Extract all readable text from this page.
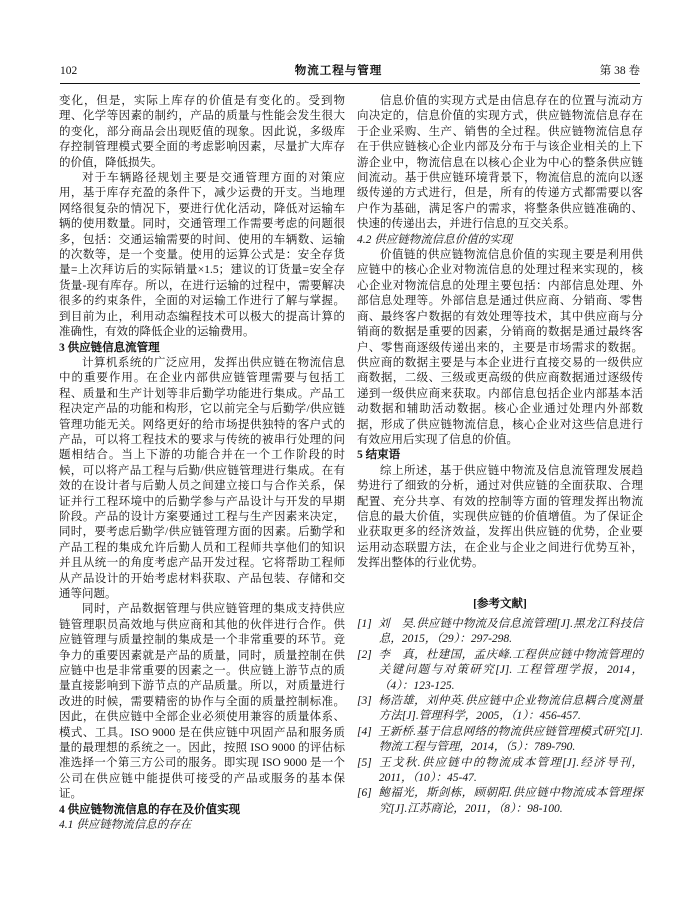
102	物流工程与管理	第 38 卷

变化，但是，实际上库存的价值是有变化的。受到物理、化学等因素的制约，产品的质量与性能会发生很大的变化，部分商品会出现贬值的现象。因此说，多级库存控制管理模式要全面的考虑影响因素，尽量扩大库存的价值，降低损失。

对于车辆路径规划主要是交通管理方面的对策应用，基于库存充盈的条件下，减少运费的开支。当地理网络很复杂的情况下，要进行优化活动，降低对运输车辆的使用数量。同时，交通管理工作需要考虑的问题很多，包括：交通运输需要的时间、使用的车辆数、运输的次数等，是一个变量。使用的运算公式是：安全存货量=上次拜访后的实际销量×1.5；建议的订货量=安全存货量-现有库存。所以，在进行运输的过程中，需要解决很多的约束条件，全面的对运输工作进行了解与掌握。到目前为止，利用动态编程技术可以极大的提高计算的准确性，有效的降低企业的运输费用。

3 供应链信息流管理

计算机系统的广泛应用，发挥出供应链在物流信息中的重要作用。在企业内部供应链管理需要与包括工程、质量和生产计划等非后勤学功能进行集成。产品工程决定产品的功能和构形，它以前完全与后勤学/供应链管理功能无关。网络更好的给市场提供独特的客户式的产品，可以将工程技术的要求与传统的被串行处理的问题相结合。当上下游的功能合并在一个工作阶段的时候，可以将产品工程与后勤/供应链管理进行集成。在有效的在设计者与后勤人员之间建立接口与合作关系，保证并行工程环境中的后勤学参与产品设计与开发的早期阶段。产品的设计方案要通过工程与生产因素来决定，同时，要考虑后勤学/供应链管理方面的因素。后勤学和产品工程的集成允许后勤人员和工程师共享他们的知识并且从统一的角度考虑产品开发过程。它将帮助工程师从产品设计的开始考虑材料获取、产品包装、存储和交通等问题。

同时，产品数据管理与供应链管理的集成支持供应链管理职员高效地与供应商和其他的伙伴进行合作。供应链管理与质量控制的集成是一个非常重要的环节。竞争力的重要因素就是产品的质量，同时，质量控制在供应链中也是非常重要的因素之一。供应链上游节点的质量直接影响到下游节点的产品质量。所以，对质量进行改进的时候，需要精密的协作与全面的质量控制标准。因此，在供应链中全部企业必须使用兼容的质量体系、模式、工具。ISO 9000 是在供应链中巩固产品和服务质量的最理想的系统之一。因此，按照 ISO 9000 的评估标准选择一个第三方公司的服务。即实现 ISO 9000 是一个公司在供应链中能提供可接受的产品或服务的基本保证。

4 供应链物流信息的存在及价值实现

4.1 供应链物流信息的存在

信息价值的实现方式是由信息存在的位置与流动方向决定的，信息价值的实现方式，供应链物流信息存在于企业采购、生产、销售的全过程。供应链物流信息存在于供应链核心企业内部及分布于与该企业相关的上下游企业中，物流信息在以核心企业为中心的整条供应链间流动。基于供应链环境背景下，物流信息的流向以逐级传递的方式进行，但是，所有的传递方式都需要以客户作为基础，满足客户的需求，将整条供应链准确的、快速的传递出去，并进行信息的互交关系。

4.2 供应链物流信息价值的实现

价值链的供应链物流信息价值的实现主要是利用供应链中的核心企业对物流信息的处理过程来实现的，核心企业对物流信息的处理主要包括：内部信息处理、外部信息处理等。外部信息是通过供应商、分销商、零售商、最终客户数据的有效处理等技术，其中供应商与分销商的数据是重要的因素，分销商的数据是通过最终客户、零售商逐级传递出来的，主要是市场需求的数据。供应商的数据主要是与本企业进行直接交易的一级供应商数据，二级、三级或更高级的供应商数据通过逐级传递到一级供应商来获取。内部信息包括企业内部基本活动数据和辅助活动数据。核心企业通过处理内外部数据，形成了供应链物流信息，核心企业对这些信息进行有效应用后实现了信息的价值。

5 结束语

综上所述，基于供应链中物流及信息流管理发展趋势进行了细致的分析，通过对供应链的全面获取、合理配置、充分共享、有效的控制等方面的管理发挥出物流信息的最大价值，实现供应链的价值增值。为了保证企业获取更多的经济效益，发挥出供应链的优势，企业要运用动态联盟方法，在企业与企业之间进行优势互补，发挥出整体的行业优势。

[参考文献]

[1] 刘　昊.供应链中物流及信息流管理[J].黑龙江科技信息，2015，（29）：297-298.

[2] 李　真，杜建国，孟庆峰.工程供应链中物流管理的关键问题与对策研究[J]. 工程管理学报，2014，（4）：123-125.

[3] 杨浩雄，刘仲英.供应链中企业物流信息耦合度测量方法[J].管理科学，2005，（1）：456-457.

[4] 王新桥.基于信息网络的物流供应链管理模式研究[J].物流工程与管理，2014，（5）：789-790.

[5] 王戈秋.供应链中的物流成本管理[J].经济导刊，2011，（10）：45-47.

[6] 鲍福光，斯剑栋，顾朝阳.供应链中物流成本管理探究[J].江苏商论，2011，（8）：98-100.
